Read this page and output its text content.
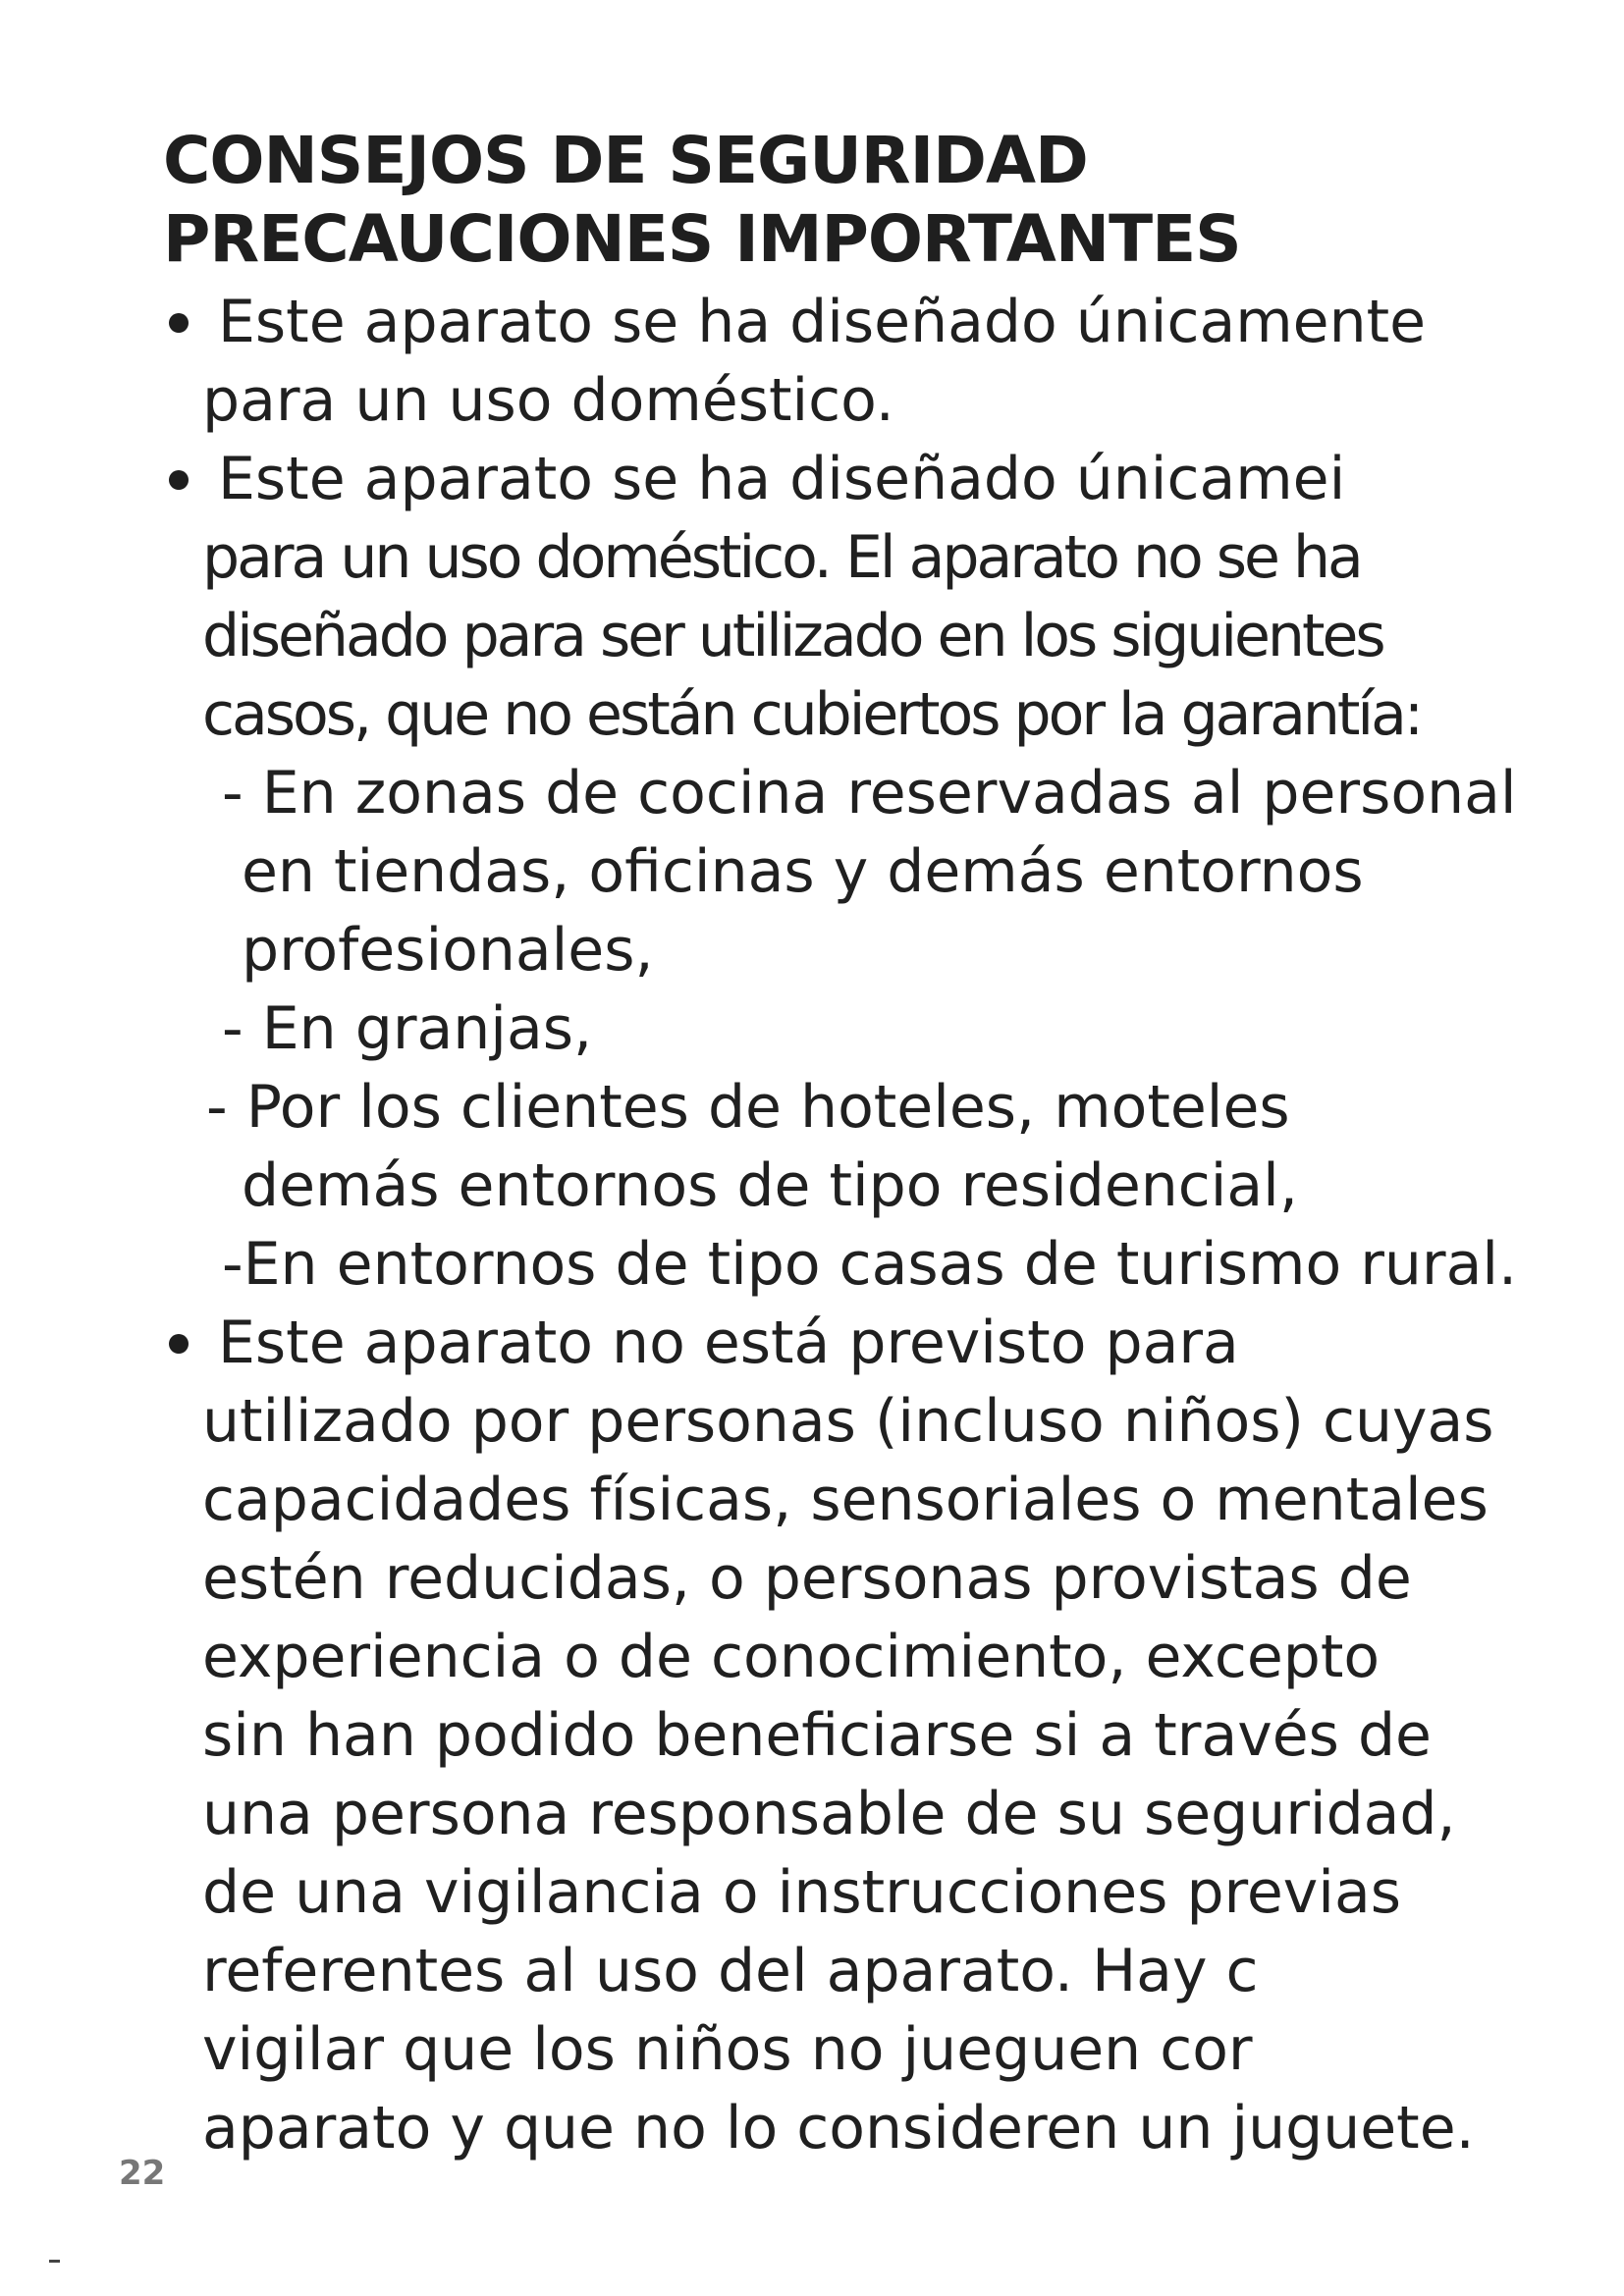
CONSEJOS DE SEGURIDAD
PRECAUCIONES IMPORTANTES

Este aparato se ha diseñado únicamente

para un uso doméstico.

Este aparato se ha diseñado únicamei

para un uso doméstico. El aparato no se ha

diseñado para ser utilizado en los siguientes

casos, que no están cubiertos por la garantía:

- En zonas de cocina reservadas al personal

en tiendas, oficinas y demás entornos

profesionales,

- En granjas,

- Por los clientes de hoteles, moteles

demás entornos de tipo residencial,

-En entornos de tipo casas de turismo rural.

Este aparato no está previsto para

utilizado por personas (incluso niños) cuyas

capacidades físicas, sensoriales o mentales

estén reducidas, o personas provistas de

experiencia o de conocimiento, excepto

sin han podido beneficiarse si a través de

una persona responsable de su seguridad,

de una vigilancia o instrucciones previas

referentes al uso del aparato. Hay c

vigilar que los niños no jueguen cor

aparato y que no lo consideren un juguete.

22
